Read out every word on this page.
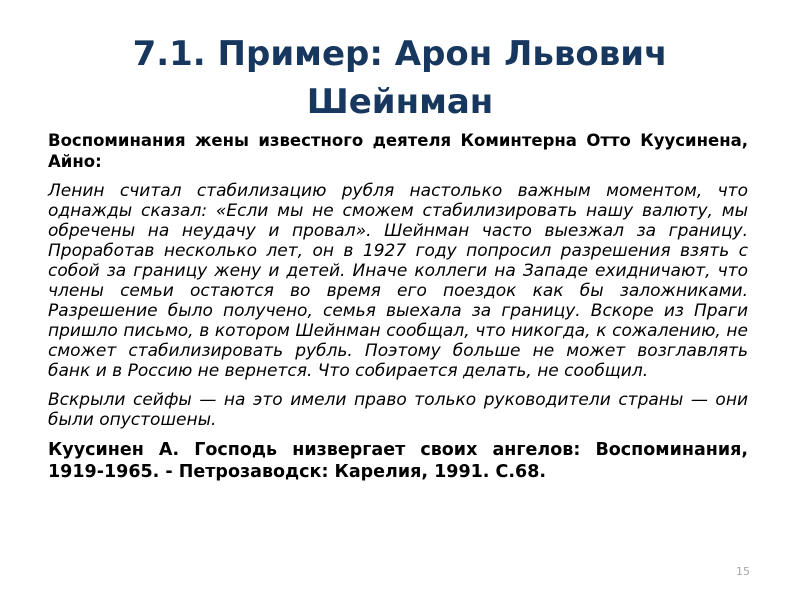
7.1. Пример: Арон Львович Шейнман

Воспоминания жены известного деятеля Коминтерна Отто Куусинена, Айно:

Ленин считал стабилизацию рубля настолько важным моментом, что однажды сказал: «Если мы не сможем стабилизировать нашу валюту, мы обречены на неудачу и провал». Шейнман часто выезжал за границу. Проработав несколько лет, он в 1927 году попросил разрешения взять с собой за границу жену и детей. Иначе коллеги на Западе ехидничают, что члены семьи остаются во время его поездок как бы заложниками. Разрешение было получено, семья выехала за границу. Вскоре из Праги пришло письмо, в котором Шейнман сообщал, что никогда, к сожалению, не сможет стабилизировать рубль. Поэтому больше не может возглавлять банк и в Россию не вернется. Что собирается делать, не сообщил.

Вскрыли сейфы — на это имели право только руководители страны — они были опустошены.

Куусинен А. Господь низвергает своих ангелов: Воспоминания, 1919-1965. - Петрозаводск: Карелия, 1991. С.68.

15
